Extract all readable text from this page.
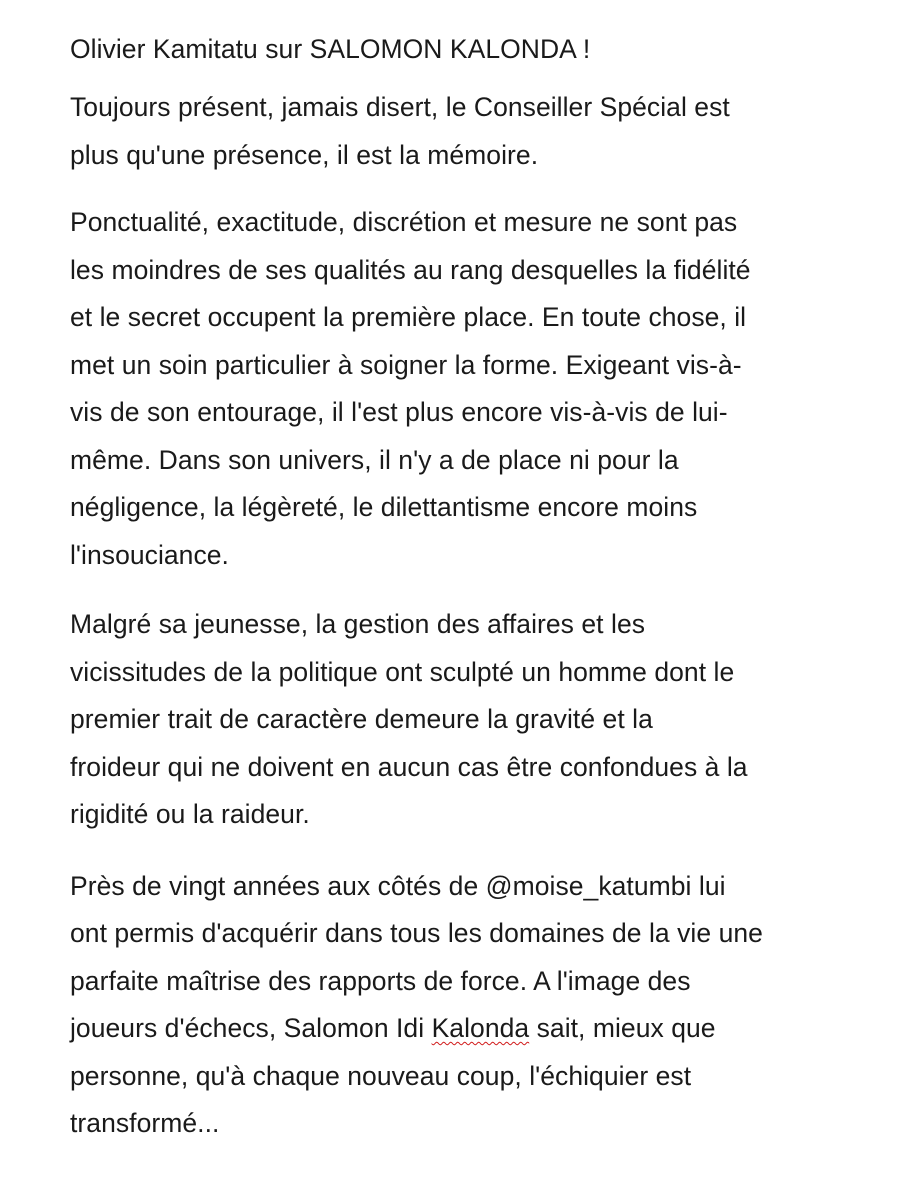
Olivier Kamitatu sur SALOMON KALONDA !

Toujours présent, jamais disert, le Conseiller Spécial est
plus qu'une présence, il est la mémoire.

Ponctualité, exactitude, discrétion et mesure ne sont pas
les moindres de ses qualités au rang desquelles la fidélité
et le secret occupent la première place. En toute chose, il
met un soin particulier à soigner la forme. Exigeant vis-à-
vis de son entourage, il l'est plus encore vis-à-vis de lui-
même. Dans son univers, il n'y a de place ni pour la
négligence, la légèreté, le dilettantisme encore moins
l'insouciance.

Malgré sa jeunesse, la gestion des affaires et les
vicissitudes de la politique ont sculpté un homme dont le
premier trait de caractère demeure la gravité et la
froideur qui ne doivent en aucun cas être confondues à la
rigidité ou la raideur.

Près de vingt années aux côtés de @moise_katumbi lui
ont permis d'acquérir dans tous les domaines de la vie une
parfaite maîtrise des rapports de force. A l'image des
joueurs d'échecs, Salomon Idi Kalonda sait, mieux que
personne, qu'à chaque nouveau coup, l'échiquier est
transformé...
